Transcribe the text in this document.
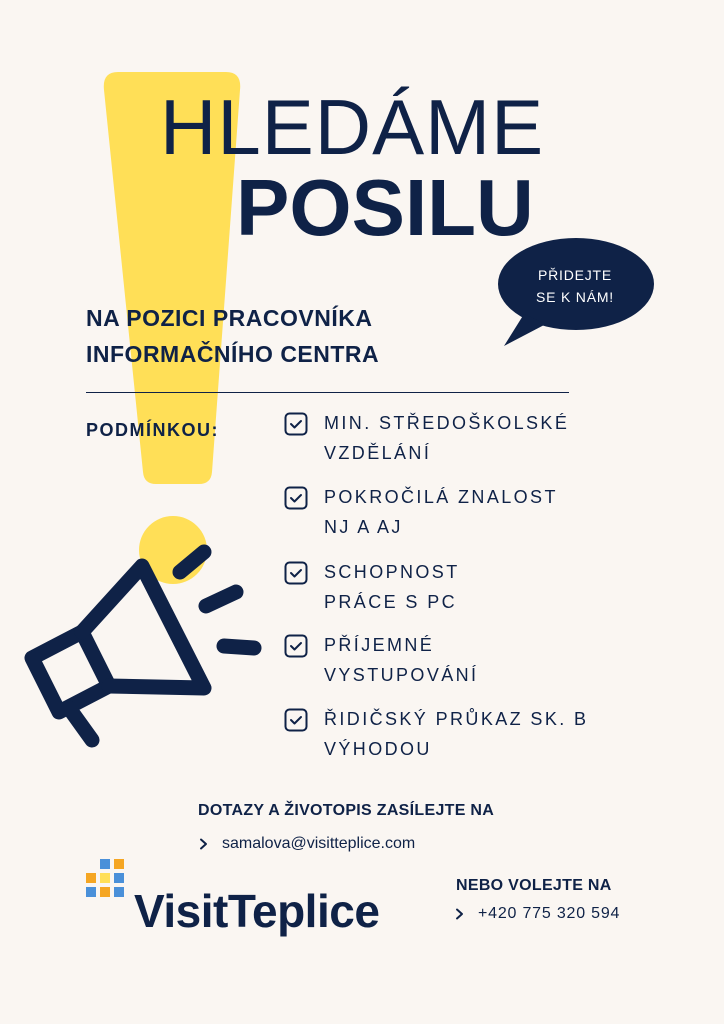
HLEDÁME
POSILU
PŘIDEJTE
SE K NÁM!
NA POZICI PRACOVNÍKA
INFORMAČNÍHO CENTRA
PODMÍNKOU:	MIN. STŘEDOŠKOLSKÉ
VZDĚLÁNÍ
POKROČILÁ ZNALOST
NJ A AJ
SCHOPNOST
PRÁCE S PC
PŘÍJEMNÉ
VYSTUPOVÁNÍ
ŘIDIČSKÝ PRŮKAZ SK. B
VÝHODOU
DOTAZY A ŽIVOTOPIS ZASÍLEJTE NA
samalova@visitteplice.com
NEBO VOLEJTE NA
+420 775 320 594
VisitTeplice
